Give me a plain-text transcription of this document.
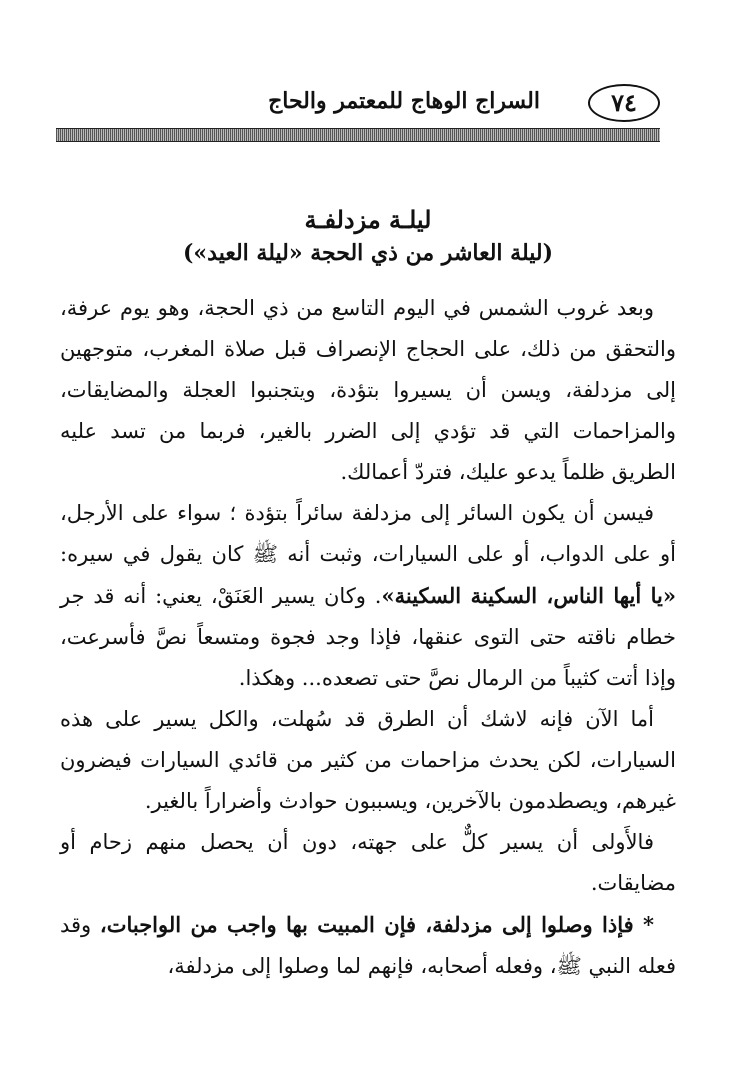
٧٤
السراج الوهاج للمعتمر والحاج
ليلـة مزدلفـة
(ليلة العاشر من ذي الحجة «ليلة العيد»)

وبعد غروب الشمس في اليوم التاسع من ذي الحجة، وهو يوم عرفة، والتحقق من ذلك، على الحجاج الإنصراف قبل صلاة المغرب، متوجهين إلى مزدلفة، ويسن أن يسيروا بتؤدة، ويتجنبوا العجلة والمضايقات، والمزاحمات التي قد تؤدي إلى الضرر بالغير، فربما من تسد عليه الطريق ظلماً يدعو عليك، فتردّ أعمالك.

فيسن أن يكون السائر إلى مزدلفة سائراً بتؤدة ؛ سواء على الأرجل، أو على الدواب، أو على السيارات، وثبت أنه ﷺ كان يقول في سيره: «يا أيها الناس، السكينة السكينة». وكان يسير العَنَقْ، يعني: أنه قد جر خطام ناقته حتى التوى عنقها، فإذا وجد فجوة ومتسعاً نصَّ فأسرعت، وإذا أتت كثيباً من الرمال نصَّ حتى تصعده... وهكذا.

أما الآن فإنه لاشك أن الطرق قد سُهلت، والكل يسير على هذه السيارات، لكن يحدث مزاحمات من كثير من قائدي السيارات فيضرون غيرهم، ويصطدمون بالآخرين، ويسببون حوادث وأضراراً بالغير.

فالأَولى أن يسير كلٌّ على جهته، دون أن يحصل منهم زحام أو مضايقات.

* فإذا وصلوا إلى مزدلفة، فإن المبيت بها واجب من الواجبات، وقد فعله النبي ﷺ، وفعله أصحابه، فإنهم لما وصلوا إلى مزدلفة،
